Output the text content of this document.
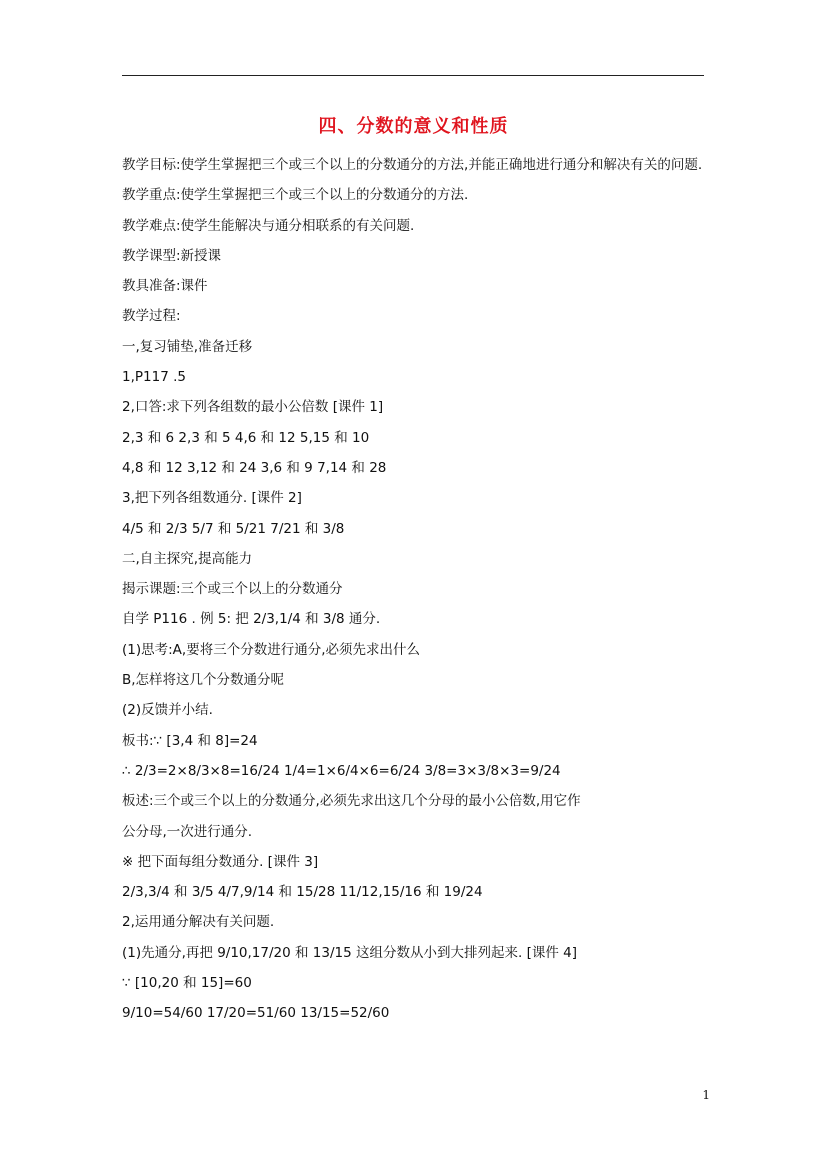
四、分数的意义和性质
教学目标:使学生掌握把三个或三个以上的分数通分的方法,并能正确地进行通分和解决有关的问题.
教学重点:使学生掌握把三个或三个以上的分数通分的方法.
教学难点:使学生能解决与通分相联系的有关问题.
教学课型:新授课
教具准备:课件
教学过程:
一,复习铺垫,准备迁移
1,P117 .5
2,口答:求下列各组数的最小公倍数 [课件 1]
2,3 和 6 2,3 和 5 4,6 和 12 5,15 和 10
4,8 和 12 3,12 和 24 3,6 和 9 7,14 和 28
3,把下列各组数通分. [课件 2]
4/5 和 2/3 5/7 和 5/21 7/21 和 3/8
二,自主探究,提高能力
揭示课题:三个或三个以上的分数通分
自学 P116 . 例 5: 把 2/3,1/4 和 3/8 通分.
(1)思考:A,要将三个分数进行通分,必须先求出什么
B,怎样将这几个分数通分呢
(2)反馈并小结.
板书:∵ [3,4 和 8]=24
∴ 2/3=2×8/3×8=16/24 1/4=1×6/4×6=6/24 3/8=3×3/8×3=9/24
板述:三个或三个以上的分数通分,必须先求出这几个分母的最小公倍数,用它作
公分母,一次进行通分.
※ 把下面每组分数通分. [课件 3]
2/3,3/4 和 3/5 4/7,9/14 和 15/28 11/12,15/16 和 19/24
2,运用通分解决有关问题.
(1)先通分,再把 9/10,17/20 和 13/15 这组分数从小到大排列起来. [课件 4]
∵ [10,20 和 15]=60
9/10=54/60 17/20=51/60 13/15=52/60
1
